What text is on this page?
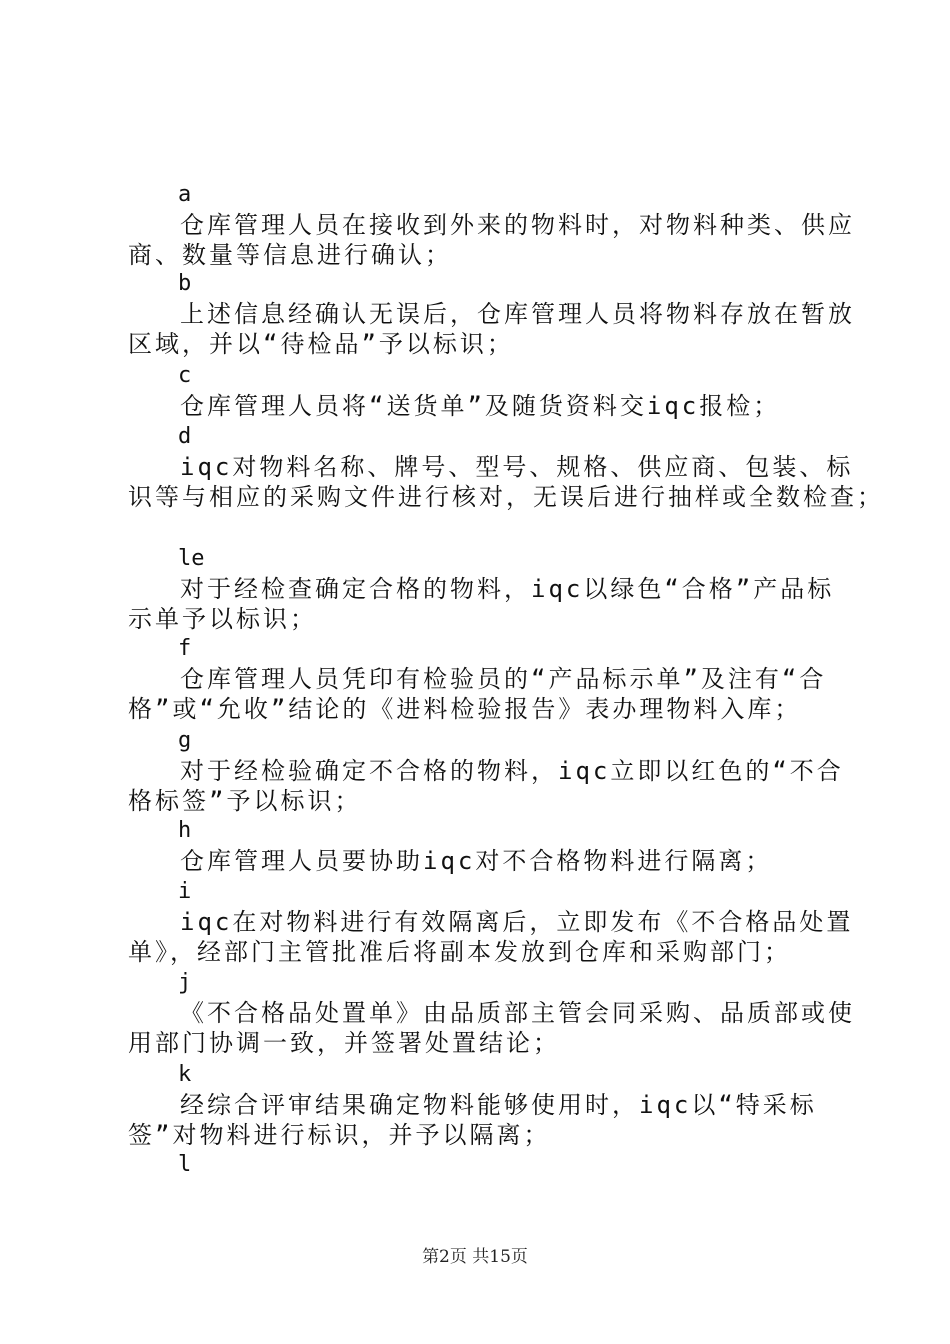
a
仓库管理人员在接收到外来的物料时，对物料种类、供应
商、数量等信息进行确认；
b
上述信息经确认无误后，仓库管理人员将物料存放在暂放
区域，并以“待检品”予以标识；
c
仓库管理人员将“送货单”及随货资料交iqc报检；
d
iqc对物料名称、牌号、型号、规格、供应商、包装、标
识等与相应的采购文件进行核对，无误后进行抽样或全数检查；
le
对于经检查确定合格的物料，iqc以绿色“合格”产品标
示单予以标识；
f
仓库管理人员凭印有检验员的“产品标示单”及注有“合
格”或“允收”结论的《进料检验报告》表办理物料入库；
g
对于经检验确定不合格的物料，iqc立即以红色的“不合
格标签”予以标识；
h
仓库管理人员要协助iqc对不合格物料进行隔离；
i
iqc在对物料进行有效隔离后，立即发布《不合格品处置
单》，经部门主管批准后将副本发放到仓库和采购部门；
j
《不合格品处置单》由品质部主管会同采购、品质部或使
用部门协调一致，并签署处置结论；
k
经综合评审结果确定物料能够使用时，iqc以“特采标
签”对物料进行标识，并予以隔离；
l
第2页 共15页
